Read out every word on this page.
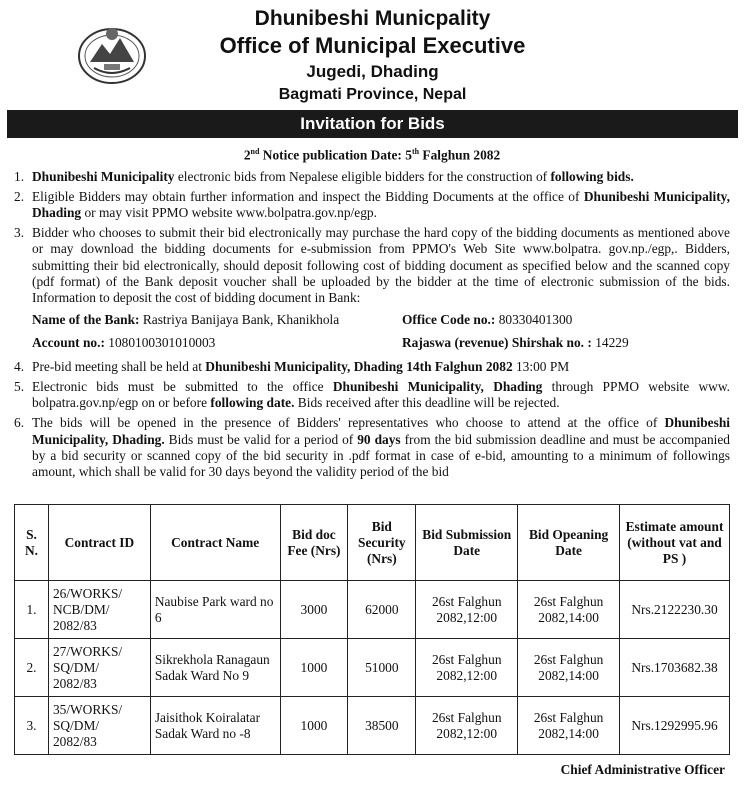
Dhunibeshi Municpality
Office of Municipal Executive
Jugedi, Dhading
Bagmati Province, Nepal
Invitation for Bids
2nd Notice publication Date: 5th Falghun 2082
1. Dhunibeshi Municipality electronic bids from Nepalese eligible bidders for the construction of following bids.
2. Eligible Bidders may obtain further information and inspect the Bidding Documents at the office of Dhunibeshi Municipality, Dhading or may visit PPMO website www.bolpatra.gov.np/egp.
3. Bidder who chooses to submit their bid electronically may purchase the hard copy of the bidding documents as mentioned above or may download the bidding documents for e-submission from PPMO's Web Site www.bolpatra. gov.np./egp,. Bidders, submitting their bid electronically, should deposit following cost of bidding document as specified below and the scanned copy (pdf format) of the Bank deposit voucher shall be uploaded by the bidder at the time of electronic submission of the bids. Information to deposit the cost of bidding document in Bank:
Name of the Bank: Rastriya Banijaya Bank, Khanikhola	Office Code no.: 80330401300
Account no.: 1080100301010003	Rajaswa (revenue) Shirshak no. : 14229
4. Pre-bid meeting shall be held at Dhunibeshi Municipality, Dhading 14th Falghun 2082 13:00 PM
5. Electronic bids must be submitted to the office Dhunibeshi Municipality, Dhading through PPMO website www. bolpatra.gov.np/egp on or before following date. Bids received after this deadline will be rejected.
6. The bids will be opened in the presence of Bidders' representatives who choose to attend at the office of Dhunibeshi Municipality, Dhading. Bids must be valid for a period of 90 days from the bid submission deadline and must be accompanied by a bid security or scanned copy of the bid security in .pdf format in case of e-bid, amounting to a minimum of followings amount, which shall be valid for 30 days beyond the validity period of the bid
S. N.	Contract ID	Contract Name	Bid doc Fee (Nrs)	Bid Security (Nrs)	Bid Submission Date	Bid Opeaning Date	Estimate amount (without vat and PS )
1.	26/WORKS/ NCB/DM/ 2082/83	Naubise Park ward no 6	3000	62000	26st Falghun 2082,12:00	26st Falghun 2082,14:00	Nrs.2122230.30
2.	27/WORKS/ SQ/DM/ 2082/83	Sikrekhola Ranagaun Sadak Ward No 9	1000	51000	26st Falghun 2082,12:00	26st Falghun 2082,14:00	Nrs.1703682.38
3.	35/WORKS/ SQ/DM/ 2082/83	Jaisithok Koiralatar Sadak Ward no -8	1000	38500	26st Falghun 2082,12:00	26st Falghun 2082,14:00	Nrs.1292995.96
Chief Administrative Officer
